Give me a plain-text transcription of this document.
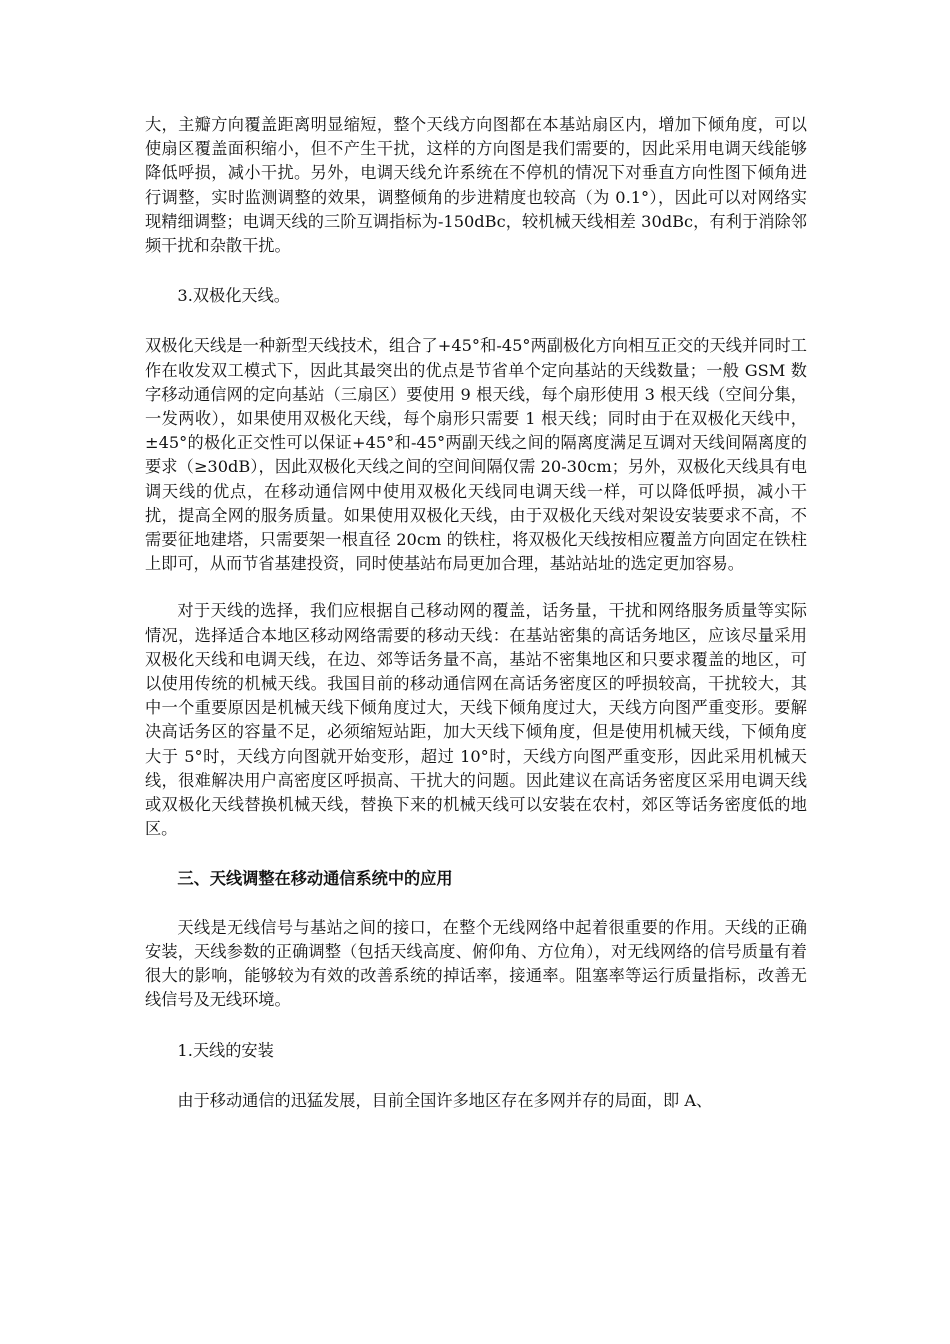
大，主瓣方向覆盖距离明显缩短，整个天线方向图都在本基站扇区内，增加下倾角度，可以使扇区覆盖面积缩小，但不产生干扰，这样的方向图是我们需要的，因此采用电调天线能够降低呼损，减小干扰。另外，电调天线允许系统在不停机的情况下对垂直方向性图下倾角进行调整，实时监测调整的效果，调整倾角的步进精度也较高（为 0.1°），因此可以对网络实现精细调整；电调天线的三阶互调指标为-150dBc，较机械天线相差 30dBc，有利于消除邻频干扰和杂散干扰。

3.双极化天线。

双极化天线是一种新型天线技术，组合了+45°和-45°两副极化方向相互正交的天线并同时工作在收发双工模式下，因此其最突出的优点是节省单个定向基站的天线数量；一般 GSM 数字移动通信网的定向基站（三扇区）要使用 9 根天线，每个扇形使用 3 根天线（空间分集，一发两收），如果使用双极化天线，每个扇形只需要 1 根天线；同时由于在双极化天线中，±45°的极化正交性可以保证+45°和-45°两副天线之间的隔离度满足互调对天线间隔离度的要求（≥30dB），因此双极化天线之间的空间间隔仅需 20-30cm；另外，双极化天线具有电调天线的优点，在移动通信网中使用双极化天线同电调天线一样，可以降低呼损，减小干扰，提高全网的服务质量。如果使用双极化天线，由于双极化天线对架设安装要求不高，不需要征地建塔，只需要架一根直径 20cm 的铁柱，将双极化天线按相应覆盖方向固定在铁柱上即可，从而节省基建投资，同时使基站布局更加合理，基站站址的选定更加容易。

对于天线的选择，我们应根据自己移动网的覆盖，话务量，干扰和网络服务质量等实际情况，选择适合本地区移动网络需要的移动天线：在基站密集的高话务地区，应该尽量采用双极化天线和电调天线，在边、郊等话务量不高，基站不密集地区和只要求覆盖的地区，可以使用传统的机械天线。我国目前的移动通信网在高话务密度区的呼损较高，干扰较大，其中一个重要原因是机械天线下倾角度过大，天线下倾角度过大，天线方向图严重变形。要解决高话务区的容量不足，必须缩短站距，加大天线下倾角度，但是使用机械天线，下倾角度大于 5°时，天线方向图就开始变形，超过 10°时，天线方向图严重变形，因此采用机械天线，很难解决用户高密度区呼损高、干扰大的问题。因此建议在高话务密度区采用电调天线或双极化天线替换机械天线，替换下来的机械天线可以安装在农村，郊区等话务密度低的地区。

三、天线调整在移动通信系统中的应用

天线是无线信号与基站之间的接口，在整个无线网络中起着很重要的作用。天线的正确安装，天线参数的正确调整（包括天线高度、俯仰角、方位角），对无线网络的信号质量有着很大的影响，能够较为有效的改善系统的掉话率，接通率。阻塞率等运行质量指标，改善无线信号及无线环境。

1.天线的安装

由于移动通信的迅猛发展，目前全国许多地区存在多网并存的局面，即 A、
